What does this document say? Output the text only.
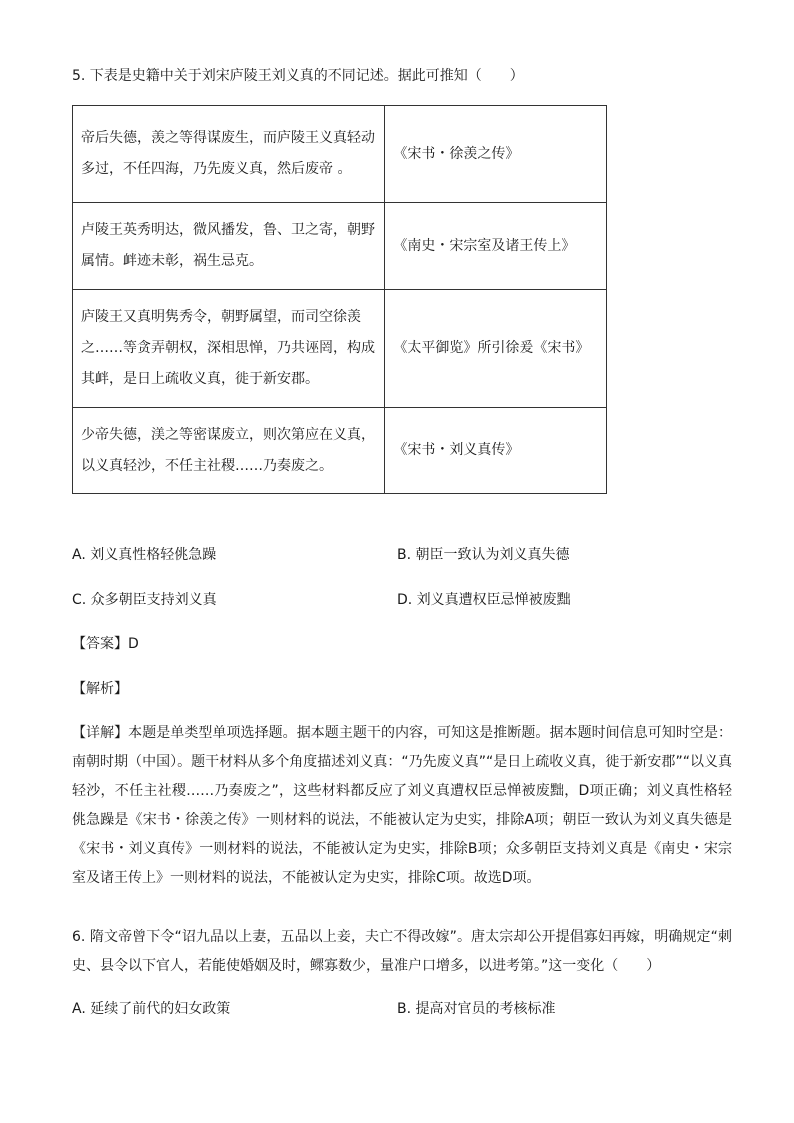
5. 下表是史籍中关于刘宋庐陵王刘义真的不同记述。据此可推知（　　）
帝后失德，羡之等得谋废生，而庐陵王义真轻动多过，不任四海，乃先废义真，然后废帝 。	《宋书・徐羡之传》
卢陵王英秀明达，微风播发，鲁、卫之寄，朝野属情。衅迹未彰，祸生忌克。	《南史・宋宗室及诸王传上》
庐陵王又真明隽秀令，朝野属望，而司空徐羡之……等贪弄朝权，深相思惮，乃共诬罔，构成其衅，是日上疏收义真，徙于新安郡。	《太平御览》所引徐爰《宋书》
少帝失德，渼之等密谋废立，则次第应在义真，以义真轻沙，不任主社稷……乃奏废之。	《宋书・刘义真传》
A. 刘义真性格轻佻急躁	B. 朝臣一致认为刘义真失德
C. 众多朝臣支持刘义真	D. 刘义真遭权臣忌惮被废黜
【答案】D
【解析】
【详解】本题是单类型单项选择题。据本题主题干的内容，可知这是推断题。据本题时间信息可知时空是：南朝时期（中国）。题干材料从多个角度描述刘义真：“乃先废义真”“是日上疏收义真，徙于新安郡”“以义真轻沙，不任主社稷……乃奏废之”，这些材料都反应了刘义真遭权臣忌惮被废黜，D项正确；刘义真性格轻佻急躁是《宋书・徐羡之传》一则材料的说法，不能被认定为史实，排除A项；朝臣一致认为刘义真失德是《宋书・刘义真传》一则材料的说法，不能被认定为史实，排除B项；众多朝臣支持刘义真是《南史・宋宗室及诸王传上》一则材料的说法，不能被认定为史实，排除C项。故选D项。
6. 隋文帝曾下令“诏九品以上妻，五品以上妾，夫亡不得改嫁”。唐太宗却公开提倡寡妇再嫁，明确规定“刺史、县令以下官人，若能使婚姻及时，鳏寡数少，量准户口增多，以进考第。”这一变化（　　）
A. 延续了前代的妇女政策	B. 提高对官员的考核标准
